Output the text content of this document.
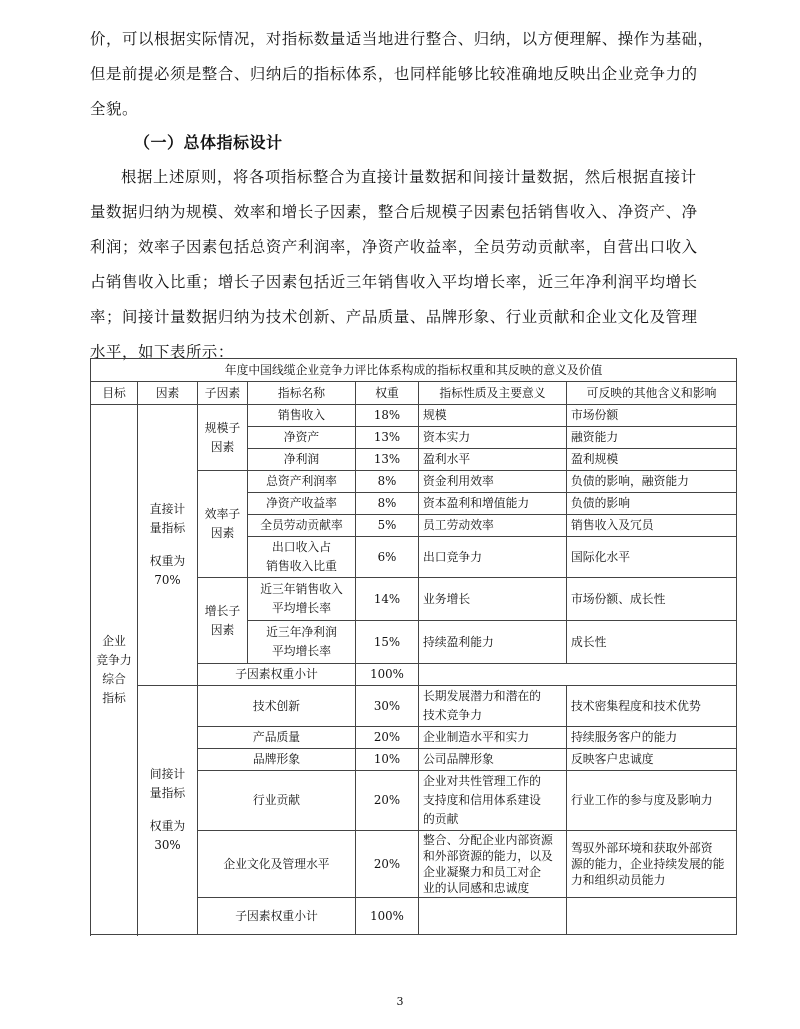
价，可以根据实际情况，对指标数量适当地进行整合、归纳，以方便理解、操作为基础，
但是前提必须是整合、归纳后的指标体系，也同样能够比较准确地反映出企业竞争力的
全貌。
（一）总体指标设计
根据上述原则，将各项指标整合为直接计量数据和间接计量数据，然后根据直接计
量数据归纳为规模、效率和增长子因素，整合后规模子因素包括销售收入、净资产、净
利润；效率子因素包括总资产利润率，净资产收益率，全员劳动贡献率，自营出口收入
占销售收入比重；增长子因素包括近三年销售收入平均增长率，近三年净利润平均增长
率；间接计量数据归纳为技术创新、产品质量、品牌形象、行业贡献和企业文化及管理
水平，如下表所示：
年度中国线缆企业竞争力评比体系构成的指标权重和其反映的意义及价值						
目标	因素	子因素	指标名称	权重	指标性质及主要意义	可反映的其他含义和影响

企业
竞争力
综合
指标	直接计
量指标
权重为
70%	规模子
因素	销售收入	18%	规模	市场份额
			净资产	13%	资本实力	融资能力
			净利润	13%	盈利水平	盈利规模

		效率子
因素	总资产利润率	8%	资金利用效率	负债的影响，融资能力
			净资产收益率	8%	资本盈利和增值能力	负债的影响
			全员劳动贡献率	5%	员工劳动效率	销售收入及冗员

			出口收入占
销售收入比重	6%	出口竞争力	国际化水平

		增长子
因素	近三年销售收入
平均增长率	14%	业务增长	市场份额、成长性

			近三年净利润
平均增长率	15%	持续盈利能力	成长性
		子因素权重小计		100%		

	间接计
量指标
权重为
30%	技术创新		30%	长期发展潜力和潜在的
技术竞争力	技术密集程度和技术优势
		产品质量		20%	企业制造水平和实力	持续服务客户的能力
		品牌形象		10%	公司品牌形象	反映客户忠诚度
		行业贡献		20%	企业对共性管理工作的
支持度和信用体系建设
的贡献	行业工作的参与度及影响力
		企业文化及管理水平		20%	整合、分配企业内部资源
和外部资源的能力，以及
企业凝聚力和员工对企
业的认同感和忠诚度	驾驭外部环境和获取外部资
源的能力，企业持续发展的能
力和组织动员能力

		子因素权重小计		100%		

3
